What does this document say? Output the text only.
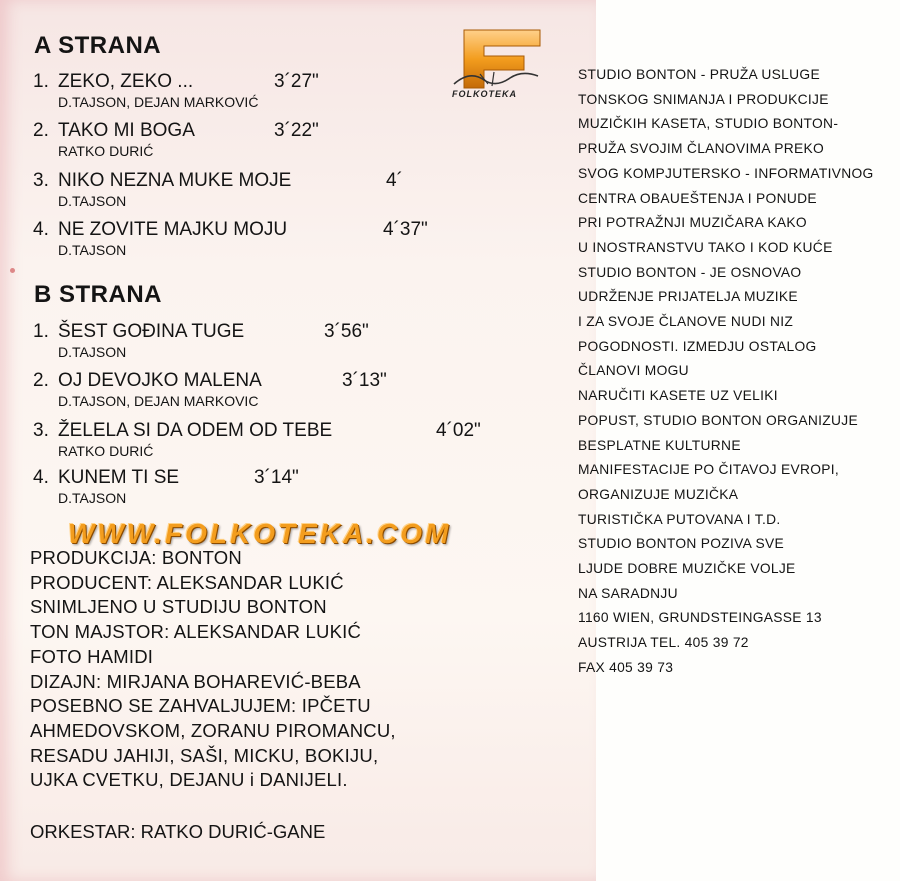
A STRANA
1. ZEKO, ZEKO ...	3´27"
D.TAJSON, DEJAN MARKOVIĆ
2. TAKO MI BOGA	3´22"
RATKO DURIĆ
3. NIKO NEZNA MUKE MOJE	4´
D.TAJSON
4. NE ZOVITE MAJKU MOJU	4´37"
D.TAJSON
B STRANA
1. ŠEST GOĐINA TUGE	3´56"
D.TAJSON
2. OJ DEVOJKO MALENA	3´13"
D.TAJSON, DEJAN MARKOVIC
3. ŽELELA SI DA ODEM OD TEBE	4´02"
RATKO DURIĆ
4. KUNEM TI SE	3´14"
D.TAJSON
WWW.FOLKOTEKA.COM
PRODUKCIJA: BONTON
PRODUCENT: ALEKSANDAR LUKIĆ
SNIMLJENO U STUDIJU BONTON
TON MAJSTOR: ALEKSANDAR LUKIĆ
FOTO HAMIDI
DIZAJN: MIRJANA BOHAREVIĆ-BEBA
POSEBNO SE ZAHVALJUJEM: IPČETU
AHMEDOVSKOM, ZORANU PIROMANCU,
RESADU JAHIJI, SAŠI, MICKU, BOKIJU,
UJKA CVETKU, DEJANU i DANIJELI.
ORKESTAR: RATKO DURIĆ-GANE
FOLKOTEKA
STUDIO BONTON - PRUŽA USLUGE
TONSKOG SNIMANJA I PRODUKCIJE
MUZIČKIH KASETA, STUDIO BONTON-
PRUŽA SVOJIM ČLANOVIMA PREKO
SVOG KOMPJUTERSKO - INFORMATIVNOG
CENTRA OBAUEŠTENJA I PONUDE
PRI POTRAŽNJI MUZIČARA KAKO
U INOSTRANSTVU TAKO I KOD KUĆE
STUDIO BONTON - JE OSNOVAO
UDRŽENJE PRIJATELJA MUZIKE
I ZA SVOJE ČLANOVE NUDI NIZ
POGODNOSTI. IZMEDJU OSTALOG
ČLANOVI MOGU
NARUČITI KASETE UZ VELIKI
POPUST, STUDIO BONTON ORGANIZUJE
BESPLATNE KULTURNE
MANIFESTACIJE PO ČITAVOJ EVROPI,
ORGANIZUJE MUZIČKA
TURISTIČKA PUTOVANA I T.D.
STUDIO BONTON POZIVA SVE
LJUDE DOBRE MUZIČKE VOLJE
NA SARADNJU
1160 WIEN, GRUNDSTEINGASSE 13
AUSTRIJA TEL. 405 39 72
FAX 405 39 73
